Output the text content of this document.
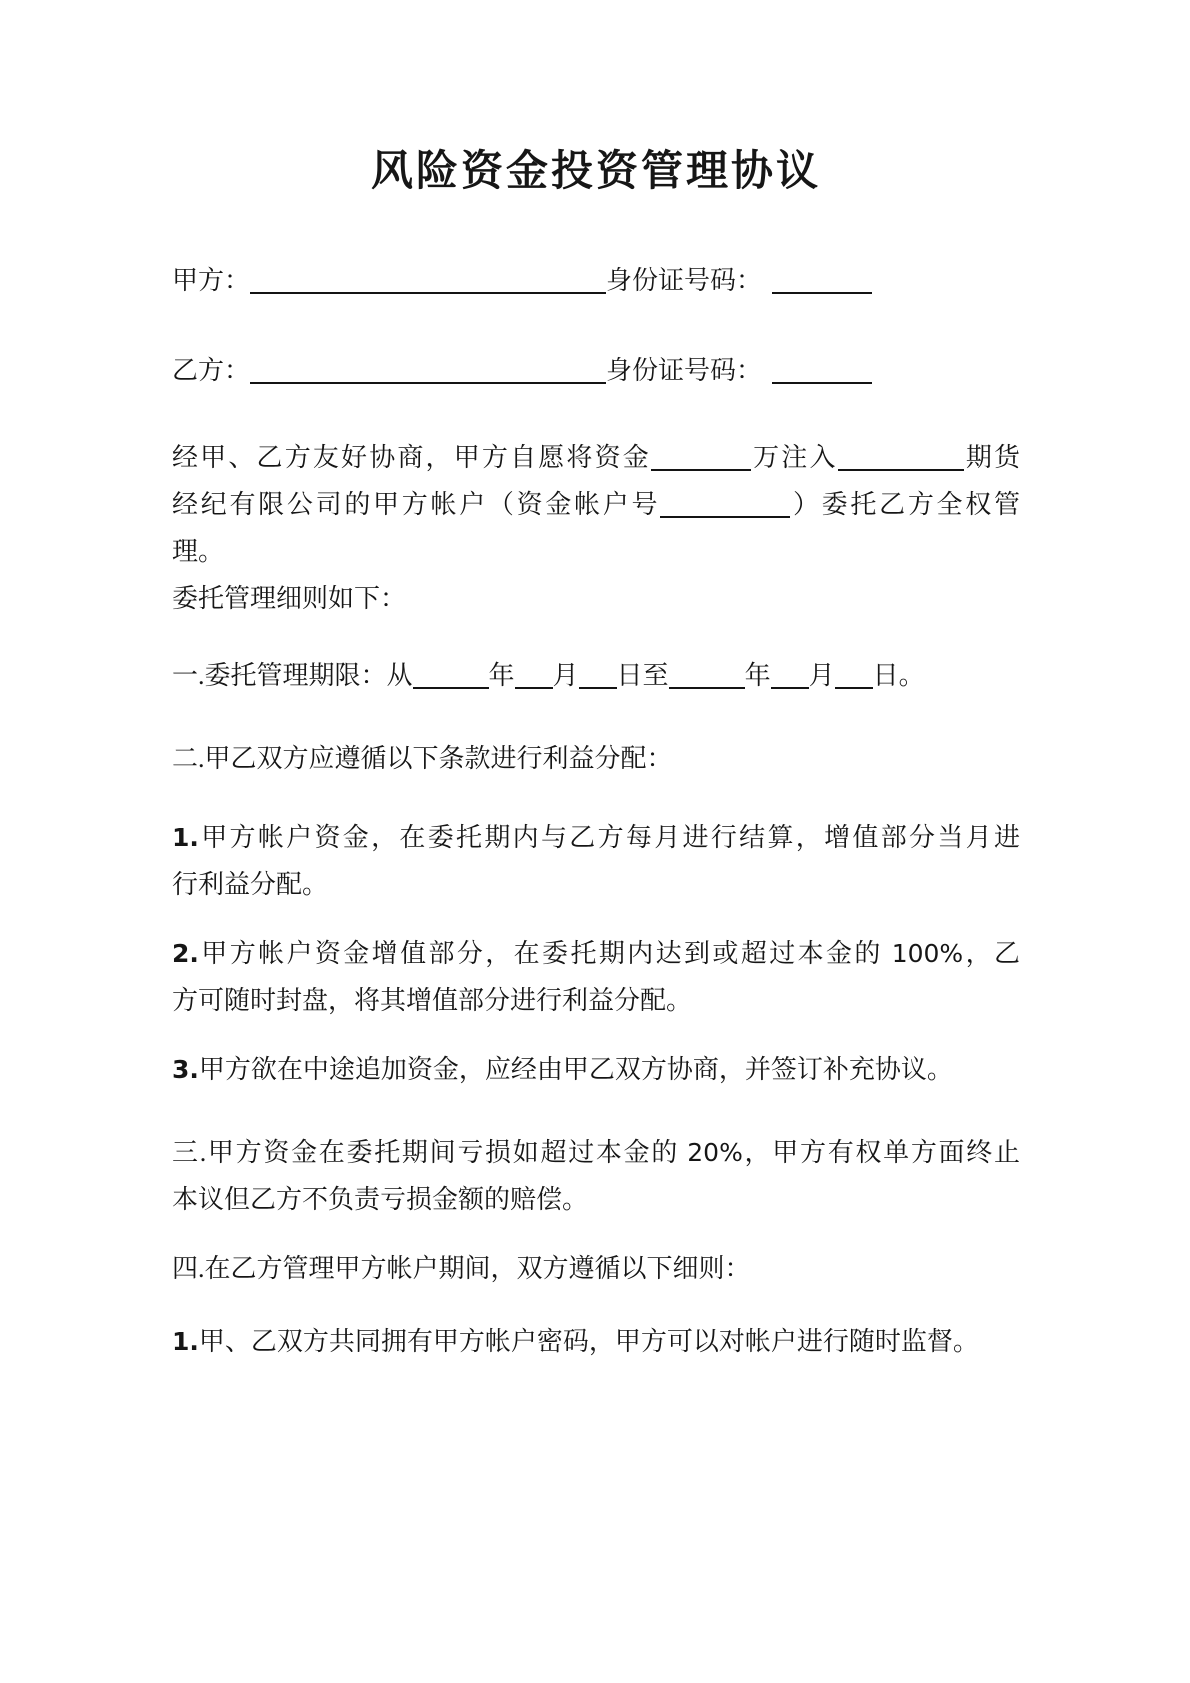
风险资金投资管理协议
甲方：	身份证号码：
乙方：	身份证号码：
经甲、乙方友好协商，甲方自愿将资金	万注入	期货
经纪有限公司的甲方帐户（资金帐户号	）委托乙方全权管
理。
委托管理细则如下：
一.委托管理期限：从	年 月 日至	年 月 日。
二.甲乙双方应遵循以下条款进行利益分配：
1.甲方帐户资金，在委托期内与乙方每月进行结算，增值部分当月进
行利益分配。
2.甲方帐户资金增值部分，在委托期内达到或超过本金的 100%，乙
方可随时封盘，将其增值部分进行利益分配。
3.甲方欲在中途追加资金，应经由甲乙双方协商，并签订补充协议。
三.甲方资金在委托期间亏损如超过本金的 20%，甲方有权单方面终止
本议但乙方不负责亏损金额的赔偿。
四.在乙方管理甲方帐户期间，双方遵循以下细则：
1.甲、乙双方共同拥有甲方帐户密码，甲方可以对帐户进行随时监督。
